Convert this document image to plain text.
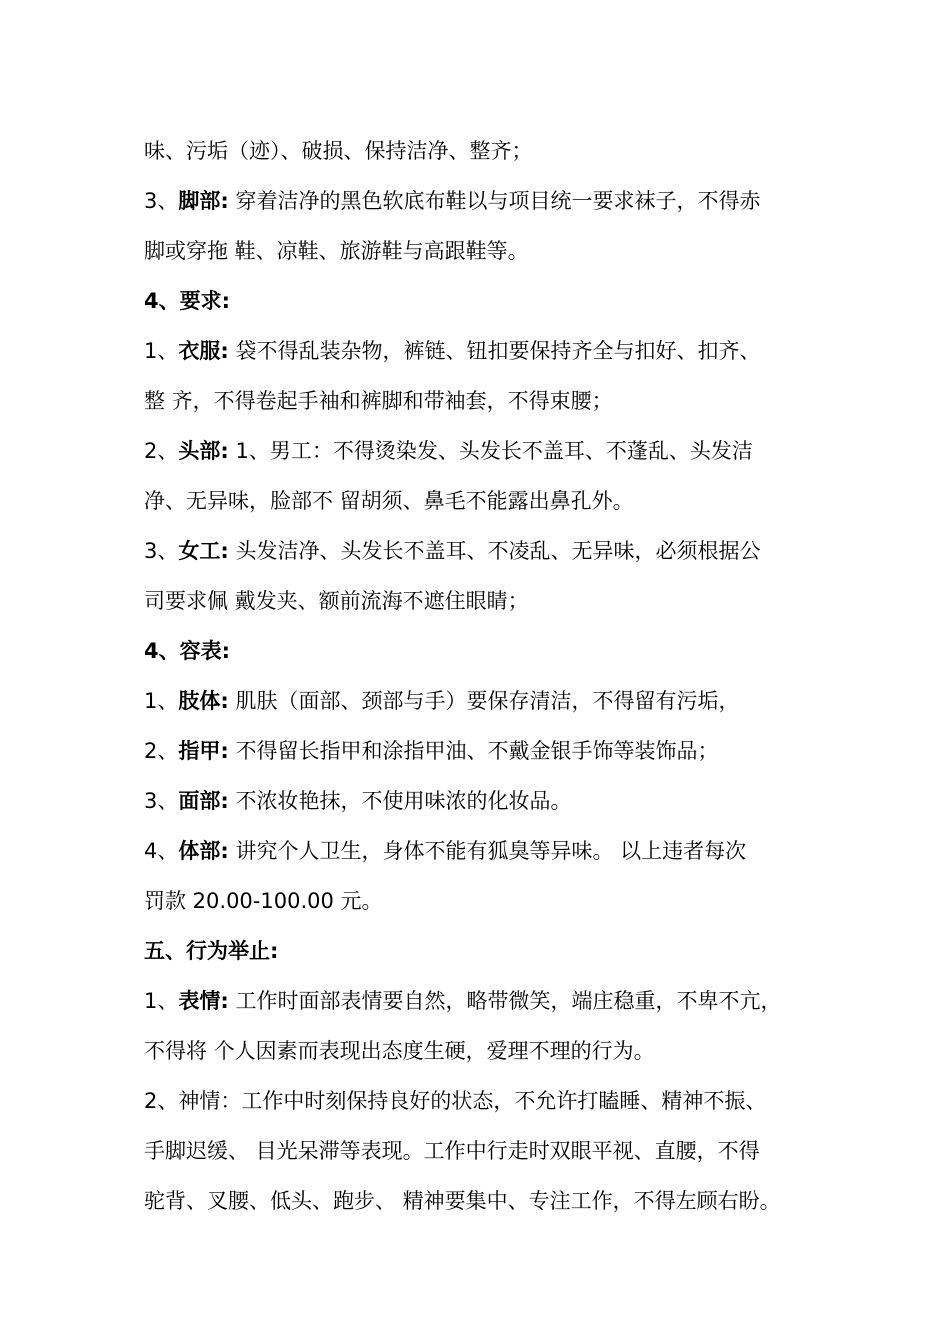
味、污垢（迹）、破损、保持洁净、整齐；
3、脚部: 穿着洁净的黑色软底布鞋以与项目统一要求袜子，不得赤
脚或穿拖 鞋、凉鞋、旅游鞋与高跟鞋等。
4、要求:
1、衣服: 袋不得乱装杂物，裤链、钮扣要保持齐全与扣好、扣齐、
整 齐，不得卷起手袖和裤脚和带袖套，不得束腰；
2、头部: 1、男工：不得烫染发、头发长不盖耳、不蓬乱、头发洁
净、无异味，脸部不 留胡须、鼻毛不能露出鼻孔外。
3、女工: 头发洁净、头发长不盖耳、不凌乱、无异味，必须根据公
司要求佩 戴发夹、额前流海不遮住眼睛；
4、容表:
1、肢体: 肌肤（面部、颈部与手）要保存清洁，不得留有污垢，
2、指甲: 不得留长指甲和涂指甲油、不戴金银手饰等装饰品；
3、面部: 不浓妆艳抹，不使用味浓的化妆品。
4、体部: 讲究个人卫生，身体不能有狐臭等异味。 以上违者每次
罚款 20.00-100.00 元。
五、行为举止:
1、表情: 工作时面部表情要自然，略带微笑，端庄稳重，不卑不亢，
不得将 个人因素而表现出态度生硬，爱理不理的行为。
2、神情：工作中时刻保持良好的状态，不允许打瞌睡、精神不振、
手脚迟缓、 目光呆滞等表现。工作中行走时双眼平视、直腰，不得
驼背、叉腰、低头、跑步、 精神要集中、专注工作，不得左顾右盼。
